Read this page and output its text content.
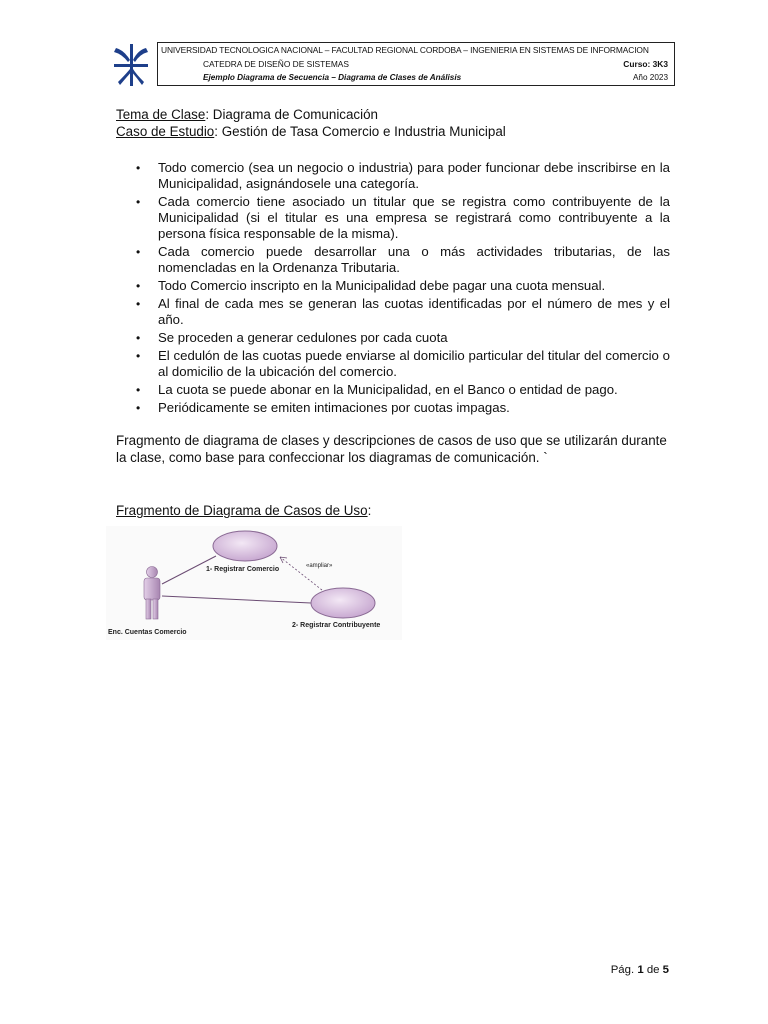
UNIVERSIDAD TECNOLOGICA NACIONAL – FACULTAD REGIONAL CORDOBA – INGENIERIA EN SISTEMAS DE INFORMACION
CATEDRA DE DISEÑO DE SISTEMAS
Ejemplo Diagrama de Secuencia – Diagrama de Clases de Análisis
Curso: 3K3
Año 2023
Tema de Clase: Diagrama de Comunicación
Caso de Estudio: Gestión de Tasa Comercio e Industria Municipal
• Todo comercio (sea un negocio o industria) para poder funcionar debe inscribirse en la Municipalidad, asignándosele una categoría.
• Cada comercio tiene asociado un titular que se registra como contribuyente de la Municipalidad (si el titular es una empresa se registrará como contribuyente a la persona física responsable de la misma).
• Cada comercio puede desarrollar una o más actividades tributarias, de las nomencladas en la Ordenanza Tributaria.
• Todo Comercio inscripto en la Municipalidad debe pagar una cuota mensual.
• Al final de cada mes se generan las cuotas identificadas por el número de mes y el año.
• Se proceden a generar cedulones por cada cuota
• El cedulón de las cuotas puede enviarse al domicilio particular del titular del comercio o al domicilio de la ubicación del comercio.
• La cuota se puede abonar en la Municipalidad, en el Banco o entidad de pago.
• Periódicamente se emiten intimaciones por cuotas impagas.
Fragmento de diagrama de clases y descripciones de casos de uso que se utilizarán durante la clase, como base para confeccionar los diagramas de comunicación. `
Fragmento de Diagrama de Casos de Uso:
1- Registrar Comercio	«ampliar»
2- Registrar Contribuyente
Enc. Cuentas Comercio
Pág. 1 de 5
